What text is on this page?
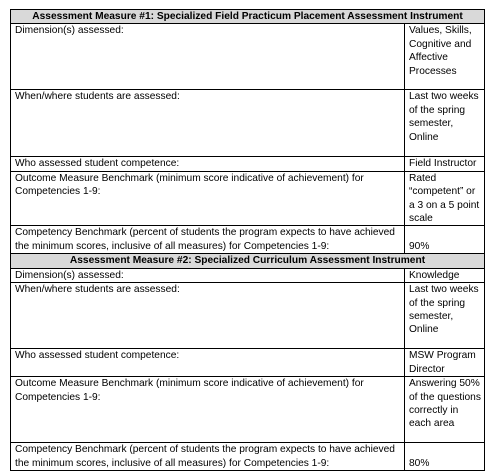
Assessment Measure #1: Specialized Field Practicum Placement Assessment Instrument	
Dimension(s) assessed:	Values, Skills, Cognitive and Affective Processes
When/where students are assessed:	Last two weeks of the spring semester, Online
Who assessed student competence:	Field Instructor
Outcome Measure Benchmark (minimum score indicative of achievement) for Competencies 1-9:	Rated “competent” or a 3 on a 5 point scale
Competency Benchmark (percent of students the program expects to have achieved the minimum scores, inclusive of all measures) for Competencies 1-9:	90%
Assessment Measure #2: Specialized Curriculum Assessment Instrument	
Dimension(s) assessed:	Knowledge
When/where students are assessed:	Last two weeks of the spring semester, Online
Who assessed student competence:	MSW Program Director
Outcome Measure Benchmark (minimum score indicative of achievement) for Competencies 1-9:	Answering 50% of the questions correctly in each area
Competency Benchmark (percent of students the program expects to have achieved the minimum scores, inclusive of all measures) for Competencies 1-9:	80%
